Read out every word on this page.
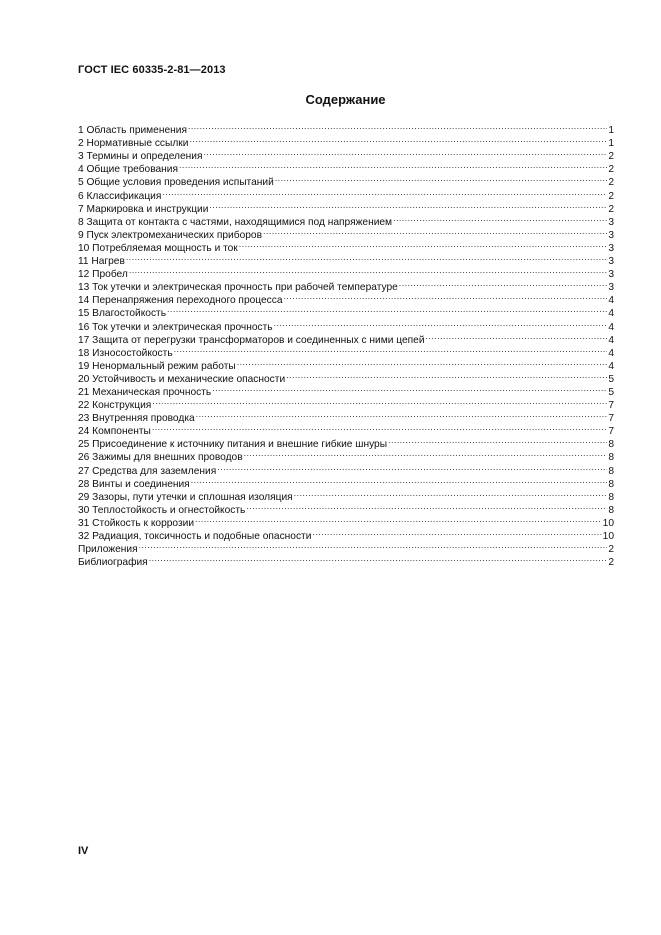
ГОСТ IEC 60335-2-81—2013
Содержание
1 Область применения .....	1
2 Нормативные ссылки .....	1
3 Термины и определения .....	2
4 Общие требования .....	2
5 Общие условия проведения испытаний .....	2
6 Классификация .....	2
7 Маркировка и инструкции .....	2
8 Защита от контакта с частями, находящимися под напряжением .....	3
9 Пуск электромеханических приборов .....	3
10 Потребляемая мощность и ток .....	3
11 Нагрев .....	3
12 Пробел .....	3
13 Ток утечки и электрическая прочность при рабочей температуре .....	3
14 Перенапряжения переходного процесса .....	4
15 Влагостойкость .....	4
16 Ток утечки и электрическая прочность .....	4
17 Защита от перегрузки трансформаторов и соединенных с ними цепей .....	4
18 Износостойкость .....	4
19 Ненормальный режим работы .....	4
20 Устойчивость и механические опасности .....	5
21 Механическая прочность .....	5
22 Конструкция .....	7
23 Внутренняя проводка .....	7
24 Компоненты .....	7
25 Присоединение к источнику питания и внешние гибкие шнуры .....	8
26 Зажимы для внешних проводов .....	8
27 Средства для заземления .....	8
28 Винты и соединения .....	8
29 Зазоры, пути утечки и сплошная изоляция .....	8
30 Теплостойкость и огнестойкость .....	8
31 Стойкость к коррозии .....	10
32 Радиация, токсичность и подобные опасности .....	10
Приложения .....	2
Библиография .....	2
IV
